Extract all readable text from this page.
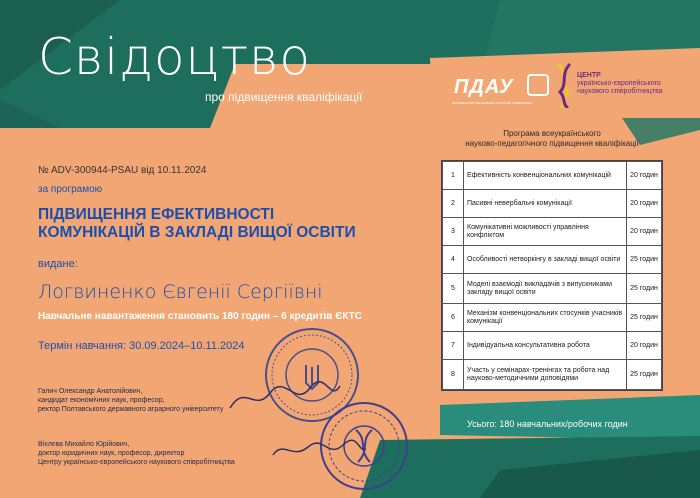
Свідоцтво
про підвищення кваліфікації	ПДАУ
ПОЛТАВСЬКИЙ ДЕРЖАВНИЙ АГРАРНИЙ УНІВЕРСИТЕТ
ЦЕНТР
українсько-європейського
наукового співробітництва
№ ADV-300944-PSAU від 10.11.2024
за програмою
ПІДВИЩЕННЯ ЕФЕКТИВНОСТІ
КОМУНІКАЦІЙ В ЗАКЛАДІ ВИЩОЇ ОСВІТИ
видане:
Логвиненко Євгенії Сергіївні
Навчальне навантаження становить 180 годин – 6 кредитів ЄКТС
Термін навчання: 30.09.2024–10.11.2024
Галич Олександр Анатолійович,
кандидат економічних наук, професор,
ректор Полтавського державного аграрного університету
Віхлєва Михайло Юрійович,
доктор юридичних наук, професор, директор
Центру українсько-європейського наукового співробітництва
Програма всеукраїнського
науково-педагогічного підвищення кваліфікації
1	Ефективність конвенціональних комунікацій	20 годин
2	Пасивні невербальні комунікації	20 годин
3	Комунікативні можливості управління конфліктом	20 годин
4	Особливості нетворкінгу в закладі вищої освіти	25 годин
5	Моделі взаємодії викладачів з випускниками закладу вищої освіти	25 годин
6	Механізм конвенціональних стосунків учасників комунікації	25 годин
7	Індивідуальна консультативна робота	20 годин
8	Участь у семінарах-тренінгах та робота над науково-методичними доповідями	25 годин
Усього: 180 навчальних/робочих годин
